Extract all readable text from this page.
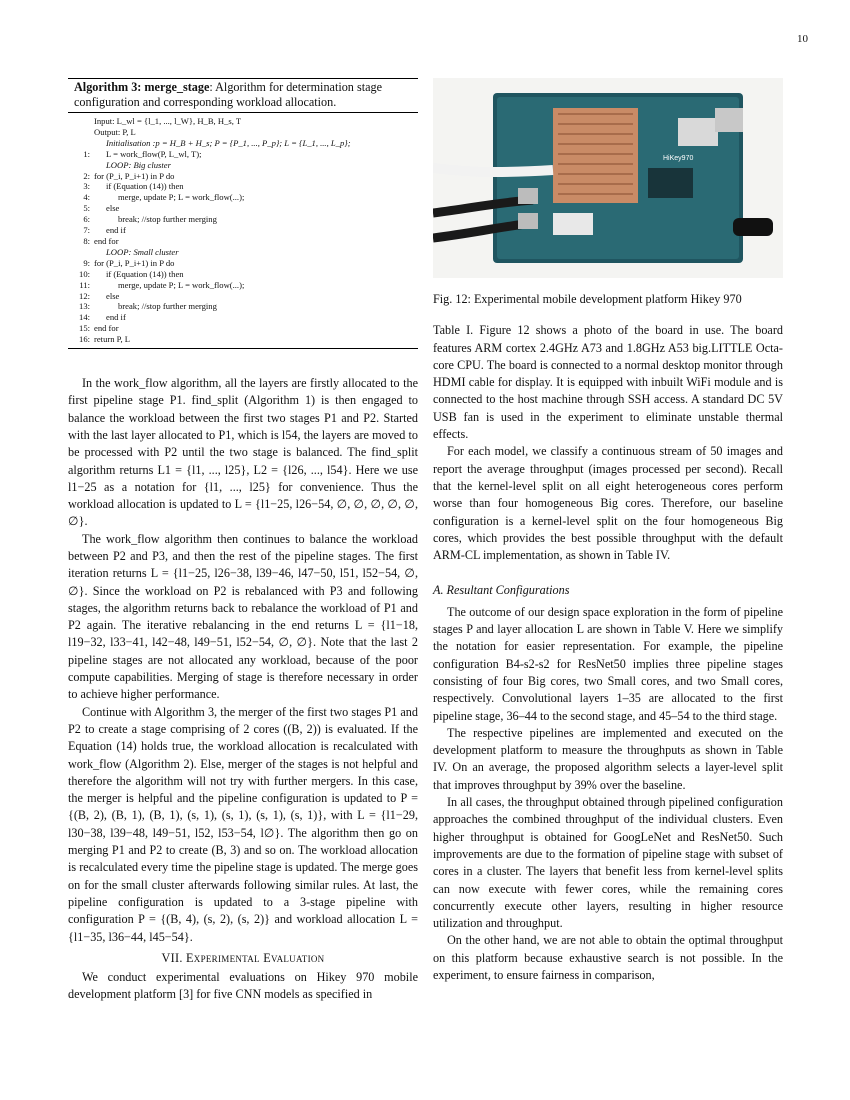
10
Algorithm 3: merge_stage: Algorithm for determination stage configuration and corresponding workload allocation.
Input: L_wl = {l_1, ..., l_W}, H_B, H_s, T
Output: P, L
Initialisation :p = H_B + H_s; P = {P_1, ..., P_p}; L = {L_1, ..., L_p};
1:	L = work_flow(P, L_wl, T);
LOOP: Big cluster
2: for (P_i, P_i+1) in P do
3:	if (Equation (14)) then
4:	merge, update P; L = work_flow(...);
5:	else
6:	break; //stop further merging
7:	end if
8: end for
LOOP: Small cluster
9: for (P_i, P_i+1) in P do
10:	if (Equation (14)) then
11:	merge, update P; L = work_flow(...);
12:	else
13:	break; //stop further merging
14:	end if
15: end for
16: return P, L

In the work_flow algorithm, all the layers are firstly allocated to the first pipeline stage P1. find_split (Algorithm 1) is then engaged to balance the workload between the first two stages P1 and P2. Started with the last layer allocated to P1, which is l54, the layers are moved to be processed with P2 until the two stage is balanced. The find_split algorithm returns L1 = {l1, ..., l25}, L2 = {l26, ..., l54}. Here we use l1−25 as a notation for {l1, ..., l25} for convenience. Thus the workload allocation is updated to L = {l1−25, l26−54, ∅, ∅, ∅, ∅, ∅, ∅}.

The work_flow algorithm then continues to balance the workload between P2 and P3, and then the rest of the pipeline stages. The first iteration returns L = {l1−25, l26−38, l39−46, l47−50, l51, l52−54, ∅, ∅}. Since the workload on P2 is rebalanced with P3 and following stages, the algorithm returns back to rebalance the workload of P1 and P2 again. The iterative rebalancing in the end returns L = {l1−18, l19−32, l33−41, l42−48, l49−51, l52−54, ∅, ∅}. Note that the last 2 pipeline stages are not allocated any workload, because of the poor compute capabilities. Merging of stage is therefore necessary in order to achieve higher performance.

Continue with Algorithm 3, the merger of the first two stages P1 and P2 to create a stage comprising of 2 cores ((B, 2)) is evaluated. If the Equation (14) holds true, the workload allocation is recalculated with work_flow (Algorithm 2). Else, merger of the stages is not helpful and therefore the algorithm will not try with further mergers. In this case, the merger is helpful and the pipeline configuration is updated to P = {(B, 2), (B, 1), (B, 1), (s, 1), (s, 1), (s, 1), (s, 1)}, with L = {l1−29, l30−38, l39−48, l49−51, l52, l53−54, l∅}. The algorithm then go on merging P1 and P2 to create (B, 3) and so on. The workload allocation is recalculated every time the pipeline stage is updated. The merge goes on for the small cluster afterwards following similar rules. At last, the pipeline configuration is updated to a 3-stage pipeline with configuration P = {(B, 4), (s, 2), (s, 2)} and workload allocation L = {l1−35, l36−44, l45−54}.

VII. Experimental Evaluation

We conduct experimental evaluations on Hikey 970 mobile development platform [3] for five CNN models as specified in

HiKey970
Fig. 12: Experimental mobile development platform Hikey 970

Table I. Figure 12 shows a photo of the board in use. The board features ARM cortex 2.4GHz A73 and 1.8GHz A53 big.LITTLE Octa-core CPU. The board is connected to a normal desktop monitor through HDMI cable for display. It is equipped with inbuilt WiFi module and is connected to the host machine through SSH access. A standard DC 5V USB fan is used in the experiment to eliminate unstable thermal effects.

For each model, we classify a continuous stream of 50 images and report the average throughput (images processed per second). Recall that the kernel-level split on all eight heterogeneous cores perform worse than four homogeneous Big cores. Therefore, our baseline configuration is a kernel-level split on the four homogeneous Big cores, which provides the best possible throughput with the default ARM-CL implementation, as shown in Table IV.

A. Resultant Configurations

The outcome of our design space exploration in the form of pipeline stages P and layer allocation L are shown in Table V. Here we simplify the notation for easier representation. For example, the pipeline configuration B4-s2-s2 for ResNet50 implies three pipeline stages consisting of four Big cores, two Small cores, and two Small cores, respectively. Convolutional layers 1–35 are allocated to the first pipeline stage, 36–44 to the second stage, and 45–54 to the third stage.

The respective pipelines are implemented and executed on the development platform to measure the throughputs as shown in Table IV. On an average, the proposed algorithm selects a layer-level split that improves throughput by 39% over the baseline.

In all cases, the throughput obtained through pipelined configuration approaches the combined throughput of the individual clusters. Even higher throughput is obtained for GoogLeNet and ResNet50. Such improvements are due to the formation of pipeline stage with subset of cores in a cluster. The layers that benefit less from kernel-level splits can now execute with fewer cores, while the remaining cores concurrently execute other layers, resulting in higher resource utilization and throughput.

On the other hand, we are not able to obtain the optimal throughput on this platform because exhaustive search is not possible. In the experiment, to ensure fairness in comparison,
